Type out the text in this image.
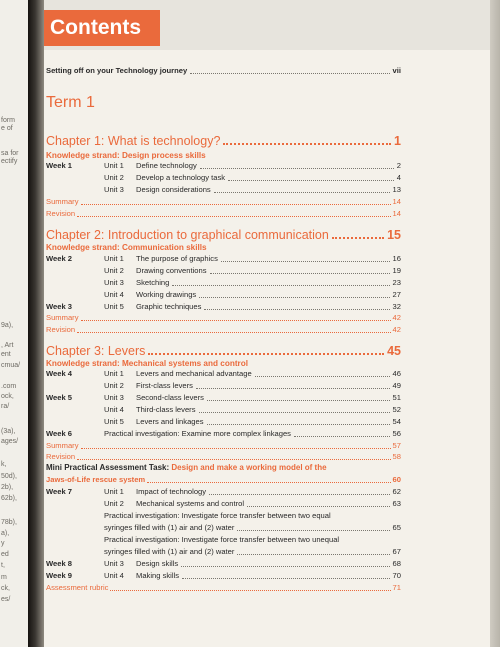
form
e of
sa for
ectify
9a),
, Art
ent
cmua/
.com
ock,
ra/
(3a),
ages/
k,
50d),
2b),
62b),
78b),
a),
y
ed
t,
m
ck,
es/
Contents
Setting off on your Technology journey	vii
Term 1
Chapter 1: What is technology?	1
Knowledge strand: Design process skills
Week 1	Unit 1	Define technology	2
Unit 2	Develop a technology task	4
Unit 3	Design considerations	13
Summary	14
Revision	14
Chapter 2: Introduction to graphical communication	15
Knowledge strand: Communication skills
Week 2	Unit 1	The purpose of graphics	16
Unit 2	Drawing conventions	19
Unit 3	Sketching	23
Unit 4	Working drawings	27
Week 3	Unit 5	Graphic techniques	32
Summary	42
Revision	42
Chapter 3: Levers	45
Knowledge strand: Mechanical systems and control
Week 4	Unit 1	Levers and mechanical advantage	46
Unit 2	First-class levers	49
Week 5	Unit 3	Second-class levers	51
Unit 4	Third-class levers	52
Unit 5	Levers and linkages	54
Week 6	Practical investigation: Examine more complex linkages	56
Summary	57
Revision	58
Mini Practical Assessment Task: Design and make a working model of the
Jaws-of-Life rescue system	60
Week 7	Unit 1	Impact of technology	62
Unit 2	Mechanical systems and control	63
Practical investigation: Investigate force transfer between two equal
syringes filled with (1) air and (2) water	65
Practical investigation: Investigate force transfer between two unequal
syringes filled with (1) air and (2) water	67
Week 8	Unit 3	Design skills	68
Week 9	Unit 4	Making skills	70
Assessment rubric	71
